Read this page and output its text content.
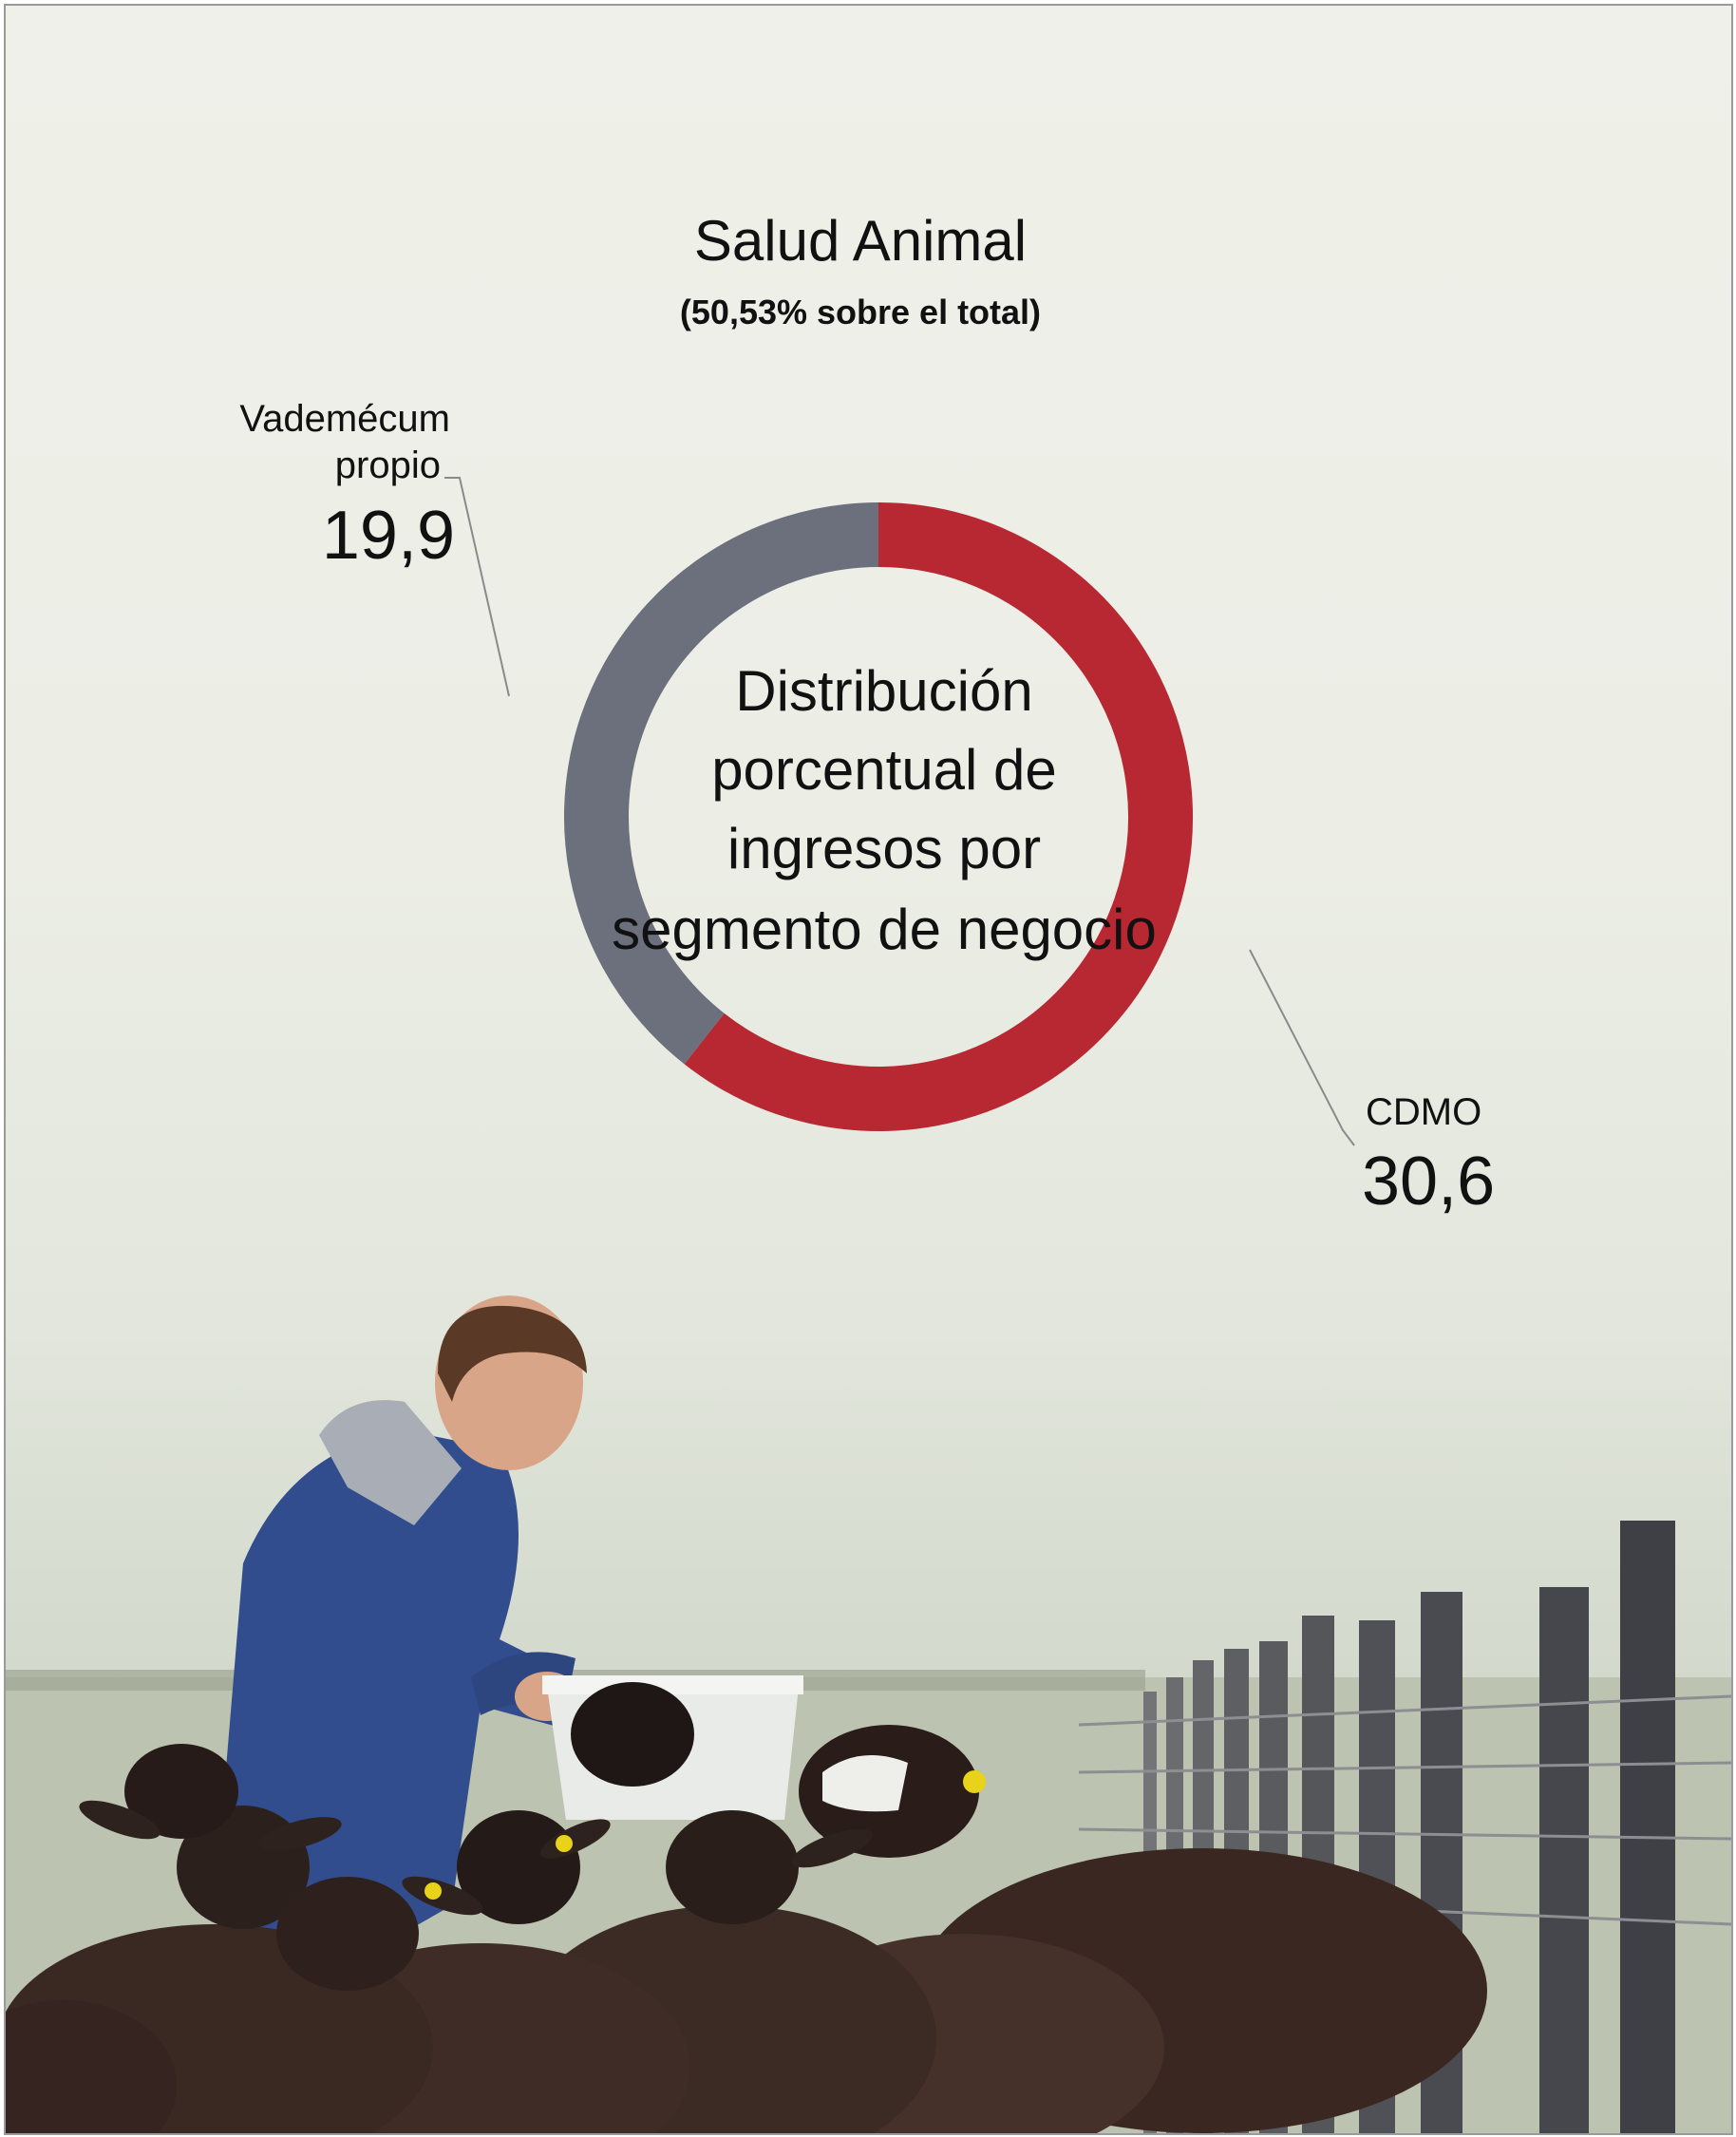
Salud Animal
(50,53% sobre el total)
Distribución
porcentual de
ingresos por
segmento de negocio
Vademécum
propio
19,9
CDMO
30,6
